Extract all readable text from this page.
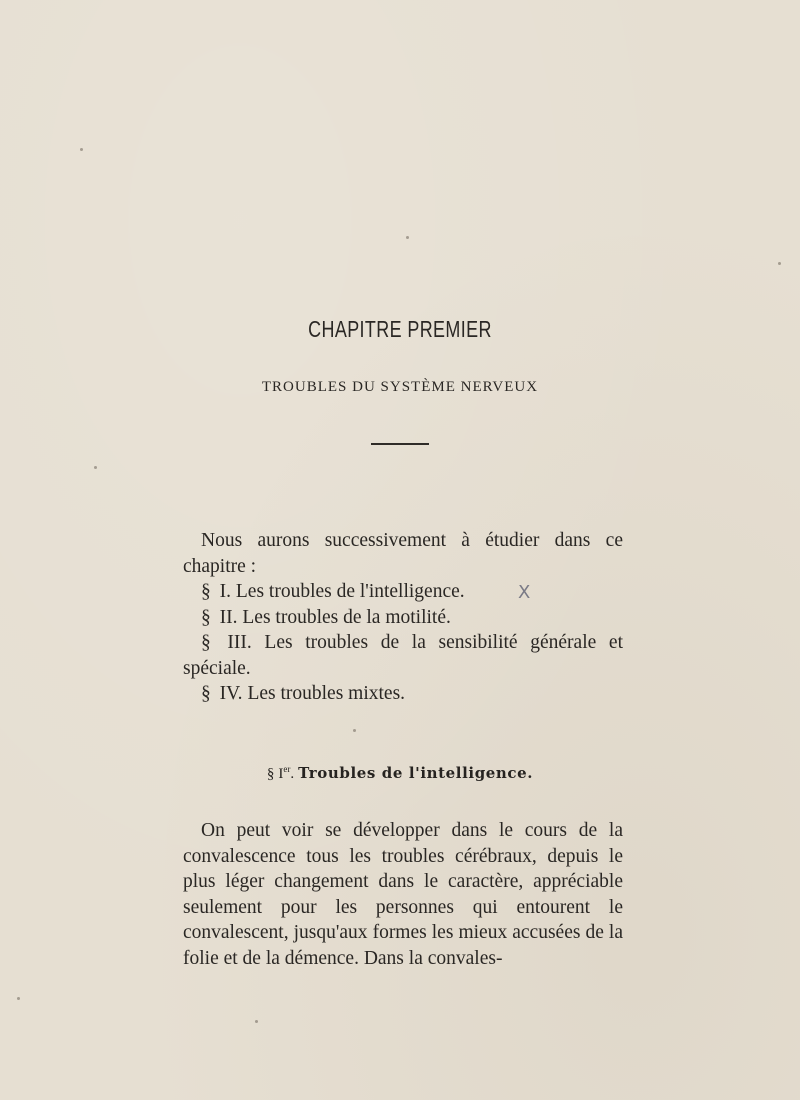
CHAPITRE PREMIER
TROUBLES DU SYSTÈME NERVEUX
Nous aurons successivement à étudier dans ce chapitre :
§ I. Les troubles de l'intelligence.
§ II. Les troubles de la motilité.
§ III. Les troubles de la sensibilité générale et spéciale.
§ IV. Les troubles mixtes.
X
§ Ier. Troubles de l'intelligence.
On peut voir se développer dans le cours de la convalescence tous les troubles cérébraux, depuis le plus léger changement dans le caractère, appréciable seulement pour les personnes qui entourent le convalescent, jusqu'aux formes les mieux accusées de la folie et de la démence. Dans la convales-
